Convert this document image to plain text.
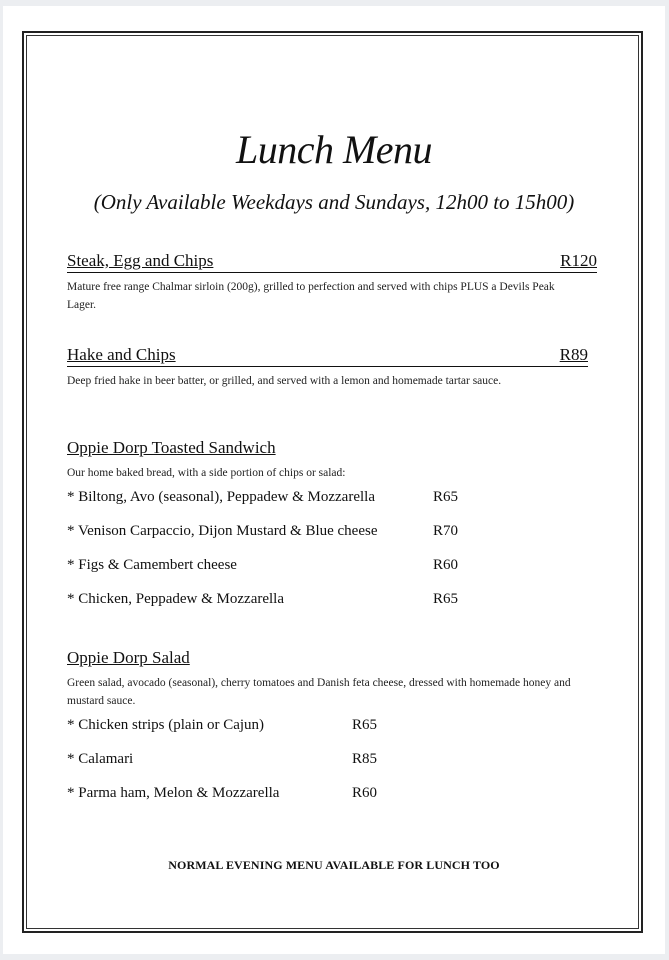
Lunch Menu
(Only Available Weekdays and Sundays, 12h00 to 15h00)
Steak, Egg and Chips	R120
Mature free range Chalmar sirloin (200g), grilled to perfection and served with chips PLUS a Devils Peak Lager.
Hake and Chips	R89
Deep fried hake in beer batter, or grilled, and served with a lemon and homemade tartar sauce.
Oppie Dorp Toasted Sandwich
Our home baked bread, with a side portion of chips or salad:
* Biltong, Avo (seasonal), Peppadew & Mozzarella	R65
* Venison Carpaccio, Dijon Mustard & Blue cheese	R70
* Figs & Camembert cheese	R60
* Chicken, Peppadew & Mozzarella	R65
Oppie Dorp Salad
Green salad, avocado (seasonal), cherry tomatoes and Danish feta cheese, dressed with homemade honey and mustard sauce.
* Chicken strips (plain or Cajun)	R65
* Calamari	R85
* Parma ham, Melon & Mozzarella	R60
NORMAL EVENING MENU AVAILABLE FOR LUNCH TOO
